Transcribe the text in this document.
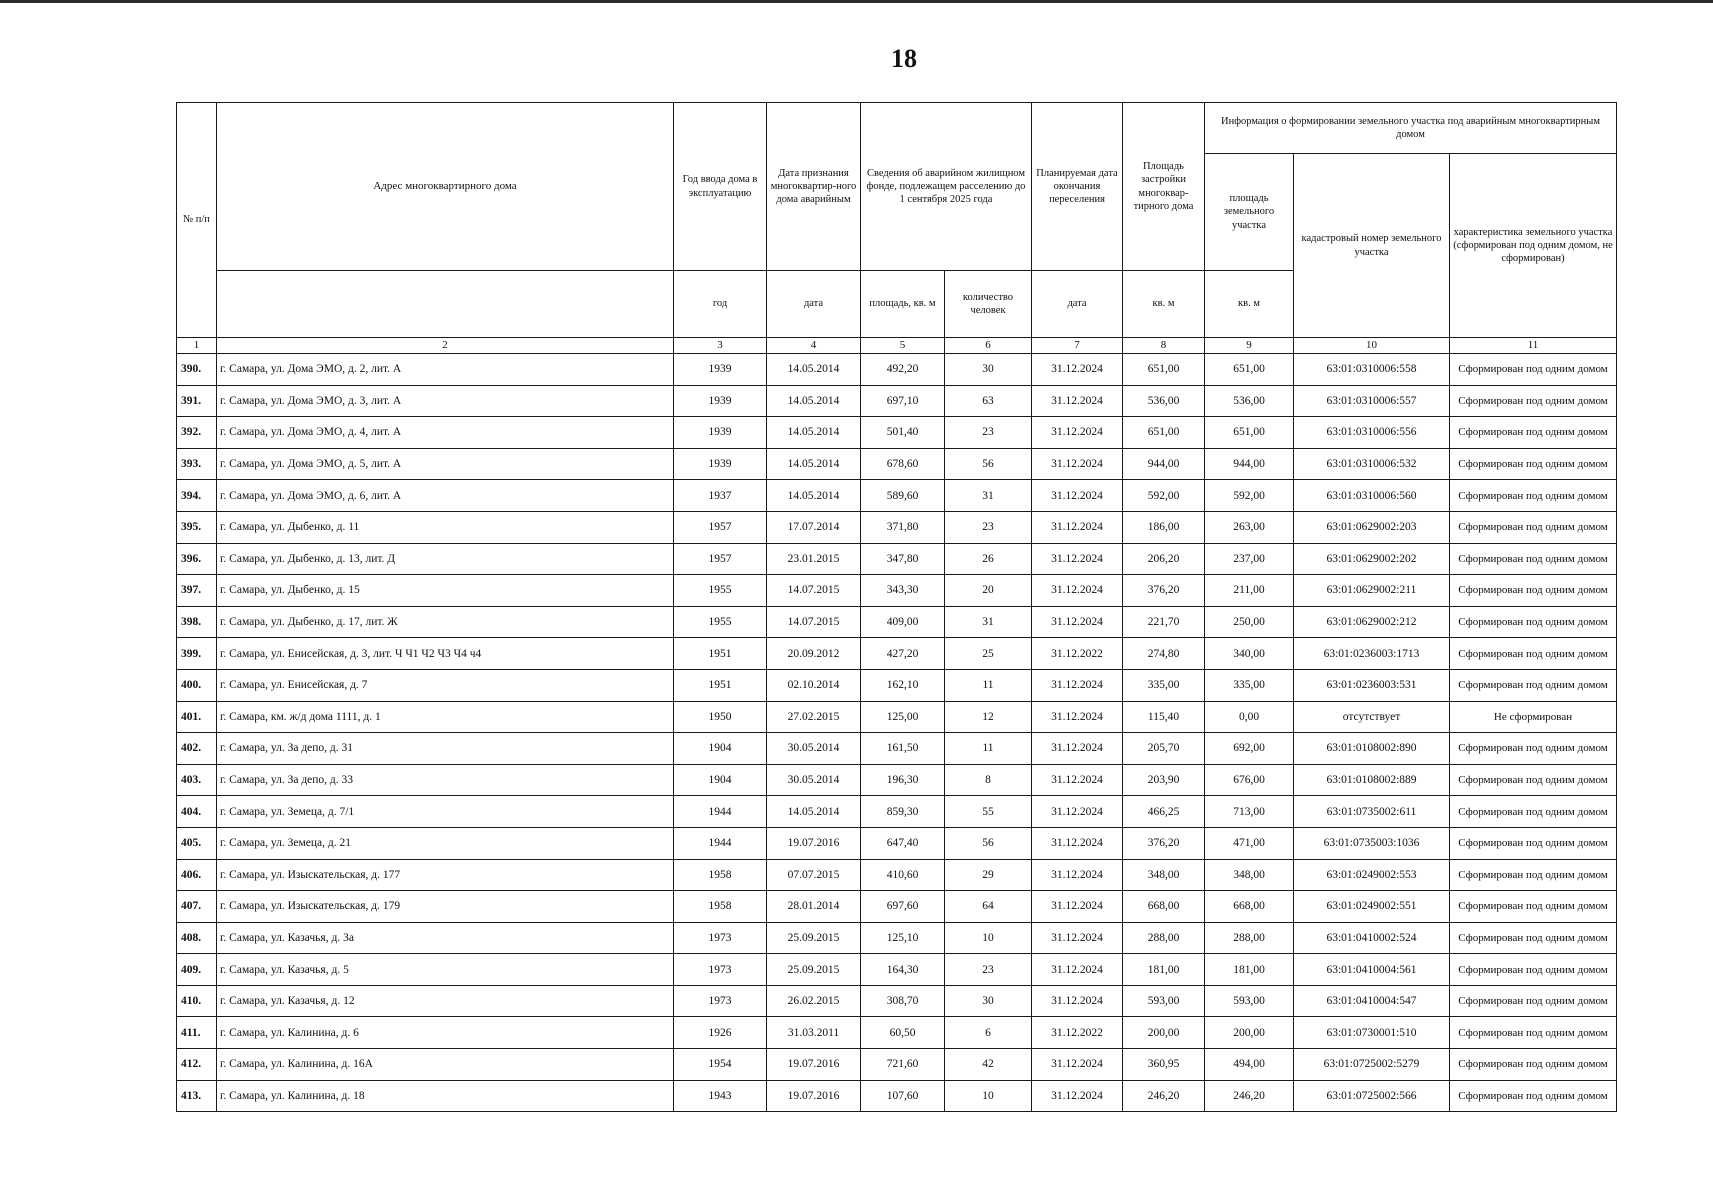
18
№ п/п	Адрес многоквартирного дома	Год ввода дома в эксплуатацию	Дата признания многоквартир-ного дома аварийным	Сведения об аварийном жилищном фонде, подлежащем расселению до 1 сентября 2025 года		Планируемая дата окончания переселения	Площадь застройки многоквар-тирного дома	Информация о формировании земельного участка под аварийным многоквартирным домом		
								площадь земельного участка	кадастровый номер земельного участка	характеристика земельного участка (сформирован под одним домом, не сформирован)
		год	дата	площадь, кв. м	количество человек	дата	кв. м	кв. м		
1	2	3	4	5	6	7	8	9	10	11
390.	г. Самара, ул. Дома ЭМО, д. 2, лит. А	1939	14.05.2014	492,20	30	31.12.2024	651,00	651,00	63:01:0310006:558	Сформирован под одним домом
391.	г. Самара, ул. Дома ЭМО, д. 3, лит. А	1939	14.05.2014	697,10	63	31.12.2024	536,00	536,00	63:01:0310006:557	Сформирован под одним домом
392.	г. Самара, ул. Дома ЭМО, д. 4, лит. А	1939	14.05.2014	501,40	23	31.12.2024	651,00	651,00	63:01:0310006:556	Сформирован под одним домом
393.	г. Самара, ул. Дома ЭМО, д. 5, лит. А	1939	14.05.2014	678,60	56	31.12.2024	944,00	944,00	63:01:0310006:532	Сформирован под одним домом
394.	г. Самара, ул. Дома ЭМО, д. 6, лит. А	1937	14.05.2014	589,60	31	31.12.2024	592,00	592,00	63:01:0310006:560	Сформирован под одним домом
395.	г. Самара, ул. Дыбенко, д. 11	1957	17.07.2014	371,80	23	31.12.2024	186,00	263,00	63:01:0629002:203	Сформирован под одним домом
396.	г. Самара, ул. Дыбенко, д. 13, лит. Д	1957	23.01.2015	347,80	26	31.12.2024	206,20	237,00	63:01:0629002:202	Сформирован под одним домом
397.	г. Самара, ул. Дыбенко, д. 15	1955	14.07.2015	343,30	20	31.12.2024	376,20	211,00	63:01:0629002:211	Сформирован под одним домом
398.	г. Самара, ул. Дыбенко, д. 17, лит. Ж	1955	14.07.2015	409,00	31	31.12.2024	221,70	250,00	63:01:0629002:212	Сформирован под одним домом
399.	г. Самара, ул. Енисейская, д. 3, лит. Ч Ч1 Ч2 Ч3 Ч4 ч4	1951	20.09.2012	427,20	25	31.12.2022	274,80	340,00	63:01:0236003:1713	Сформирован под одним домом
400.	г. Самара, ул. Енисейская, д. 7	1951	02.10.2014	162,10	11	31.12.2024	335,00	335,00	63:01:0236003:531	Сформирован под одним домом
401.	г. Самара, км. ж/д дома 1111, д. 1	1950	27.02.2015	125,00	12	31.12.2024	115,40	0,00	отсутствует	Не сформирован
402.	г. Самара, ул. За депо, д. 31	1904	30.05.2014	161,50	11	31.12.2024	205,70	692,00	63:01:0108002:890	Сформирован под одним домом
403.	г. Самара, ул. За депо, д. 33	1904	30.05.2014	196,30	8	31.12.2024	203,90	676,00	63:01:0108002:889	Сформирован под одним домом
404.	г. Самара, ул. Земеца, д. 7/1	1944	14.05.2014	859,30	55	31.12.2024	466,25	713,00	63:01:0735002:611	Сформирован под одним домом
405.	г. Самара, ул. Земеца, д. 21	1944	19.07.2016	647,40	56	31.12.2024	376,20	471,00	63:01:0735003:1036	Сформирован под одним домом
406.	г. Самара, ул. Изыскательская, д. 177	1958	07.07.2015	410,60	29	31.12.2024	348,00	348,00	63:01:0249002:553	Сформирован под одним домом
407.	г. Самара, ул. Изыскательская, д. 179	1958	28.01.2014	697,60	64	31.12.2024	668,00	668,00	63:01:0249002:551	Сформирован под одним домом
408.	г. Самара, ул. Казачья, д. 3а	1973	25.09.2015	125,10	10	31.12.2024	288,00	288,00	63:01:0410002:524	Сформирован под одним домом
409.	г. Самара, ул. Казачья, д. 5	1973	25.09.2015	164,30	23	31.12.2024	181,00	181,00	63:01:0410004:561	Сформирован под одним домом
410.	г. Самара, ул. Казачья, д. 12	1973	26.02.2015	308,70	30	31.12.2024	593,00	593,00	63:01:0410004:547	Сформирован под одним домом
411.	г. Самара, ул. Калинина, д. 6	1926	31.03.2011	60,50	6	31.12.2022	200,00	200,00	63:01:0730001:510	Сформирован под одним домом
412.	г. Самара, ул. Калинина, д. 16А	1954	19.07.2016	721,60	42	31.12.2024	360,95	494,00	63:01:0725002:5279	Сформирован под одним домом
413.	г. Самара, ул. Калинина, д. 18	1943	19.07.2016	107,60	10	31.12.2024	246,20	246,20	63:01:0725002:566	Сформирован под одним домом
